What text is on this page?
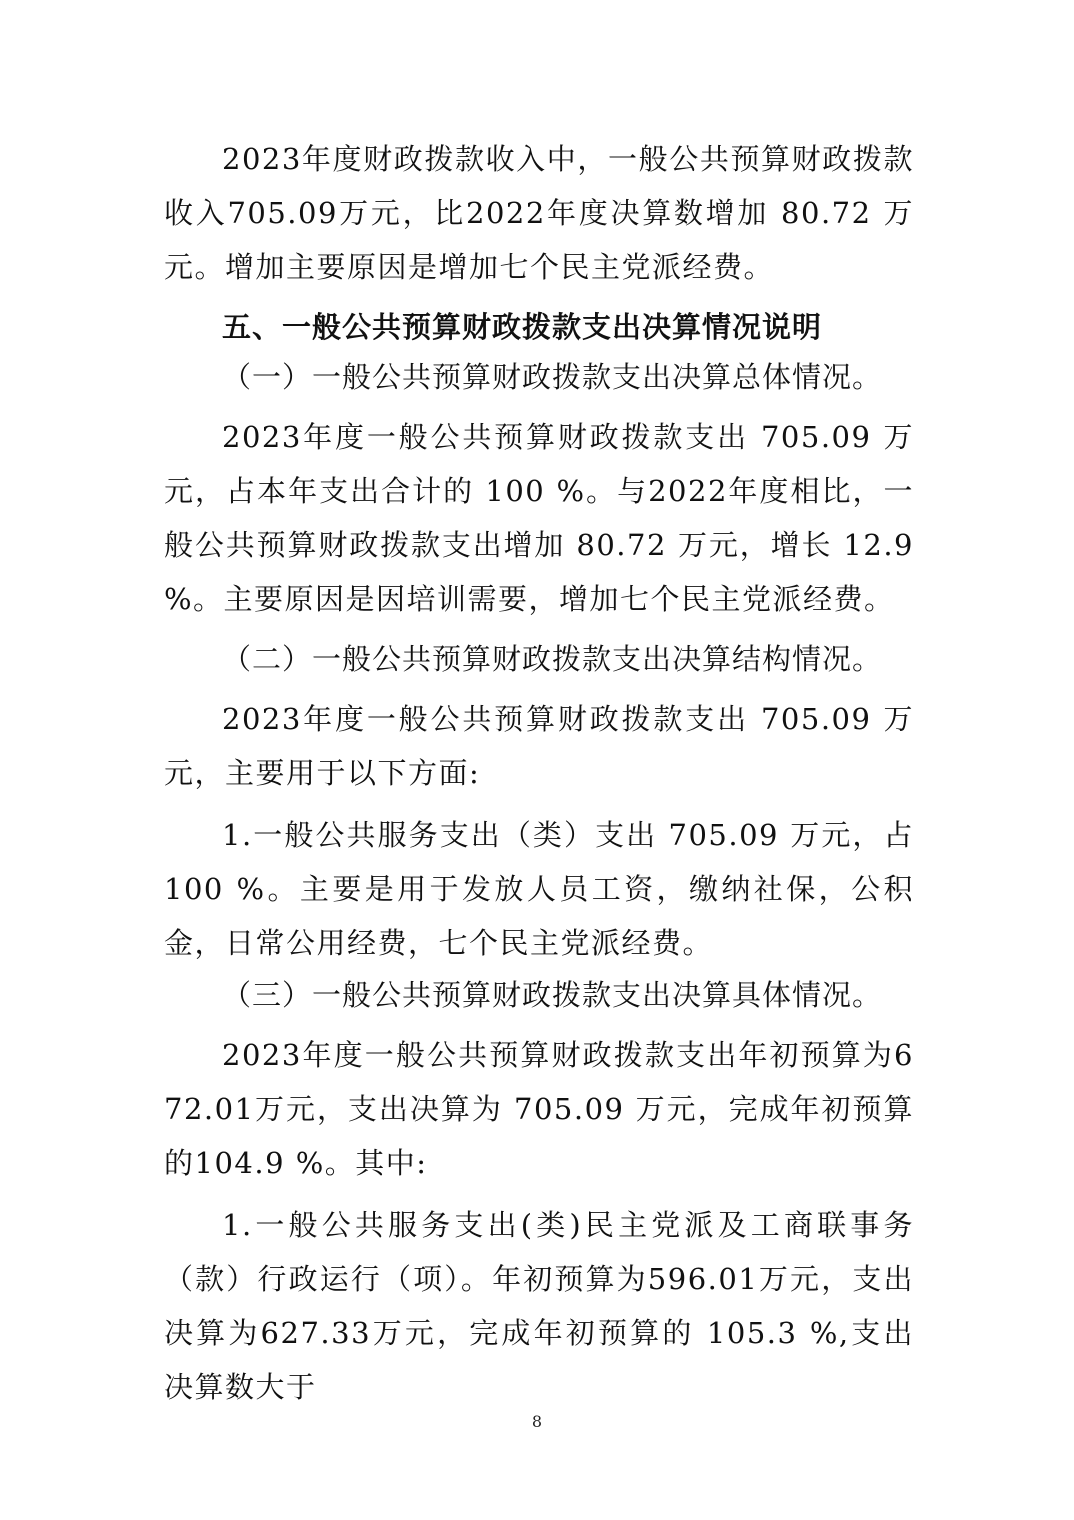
2023年度财政拨款收入中，一般公共预算财政拨款收入705.09万元，比2022年度决算数增加 80.72 万元。增加主要原因是增加七个民主党派经费。

五、一般公共预算财政拨款支出决算情况说明

（一）一般公共预算财政拨款支出决算总体情况。

2023年度一般公共预算财政拨款支出 705.09 万元，占本年支出合计的 100 %。与2022年度相比，一般公共预算财政拨款支出增加 80.72 万元，增长 12.9 %。主要原因是因培训需要，增加七个民主党派经费。

（二）一般公共预算财政拨款支出决算结构情况。

2023年度一般公共预算财政拨款支出 705.09 万元，主要用于以下方面:

1.一般公共服务支出（类）支出 705.09 万元，占100 %。主要是用于发放人员工资，缴纳社保，公积金，日常公用经费，七个民主党派经费。

（三）一般公共预算财政拨款支出决算具体情况。

2023年度一般公共预算财政拨款支出年初预算为672.01万元，支出决算为 705.09 万元，完成年初预算的104.9 %。其中:

1.一般公共服务支出(类)民主党派及工商联事务（款）行政运行（项）。年初预算为596.01万元，支出决算为627.33万元，完成年初预算的 105.3 %,支出决算数大于

8
